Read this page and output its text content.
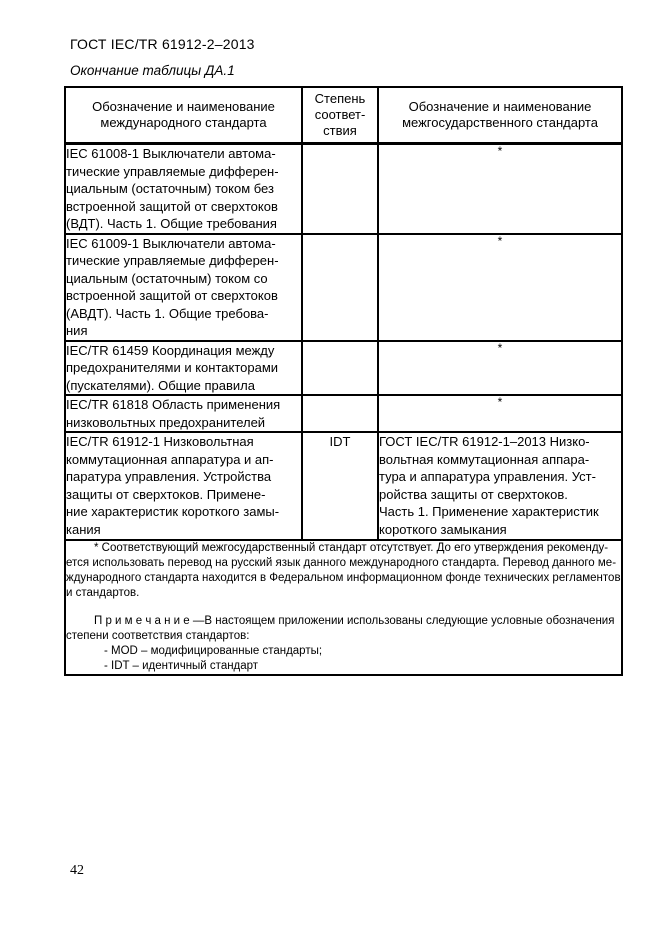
ГОСТ IEC/TR 61912-2–2013
Окончание таблицы ДА.1
Обозначение и наименование
международного стандарта	Степень
соответ-
ствия	Обозначение и наименование
межгосударственного стандарта
IEC 61008-1 Выключатели автома-
тические управляемые дифферен-
циальным (остаточным) током без
встроенной защитой от сверхтоков
(ВДТ). Часть 1. Общие требования		*
IEC 61009-1 Выключатели автома-
тические управляемые дифферен-
циальным (остаточным) током со
встроенной защитой от сверхтоков
(АВДТ). Часть 1. Общие требова-
ния		*
IEC/TR 61459 Координация между
предохранителями и контакторами
(пускателями). Общие правила		*
IEC/TR 61818 Область применения
низковольтных предохранителей		*
IEC/TR 61912-1 Низковольтная
коммутационная аппаратура и ап-
паратура управления. Устройства
защиты от сверхтоков. Примене-
ние характеристик короткого замы-
кания	IDT	ГОСТ IEC/TR 61912-1–2013 Низко-
вольтная коммутационная аппара-
тура и аппаратура управления. Уст-
ройства защиты от сверхтоков.
Часть 1. Применение характеристик
короткого замыкания

* Соответствующий межгосударственный стандарт отсутствует. До его утверждения рекоменду-
ется использовать перевод на русский язык данного международного стандарта. Перевод данного ме-
ждународного стандарта находится в Федеральном информационном фонде технических регламентов
и стандартов.

П р и м е ч а н и е —В настоящем приложении использованы следующие условные обозначения
степени соответствия стандартов:

- MOD – модифицированные стандарты;

- IDT – идентичный стандарт

42
